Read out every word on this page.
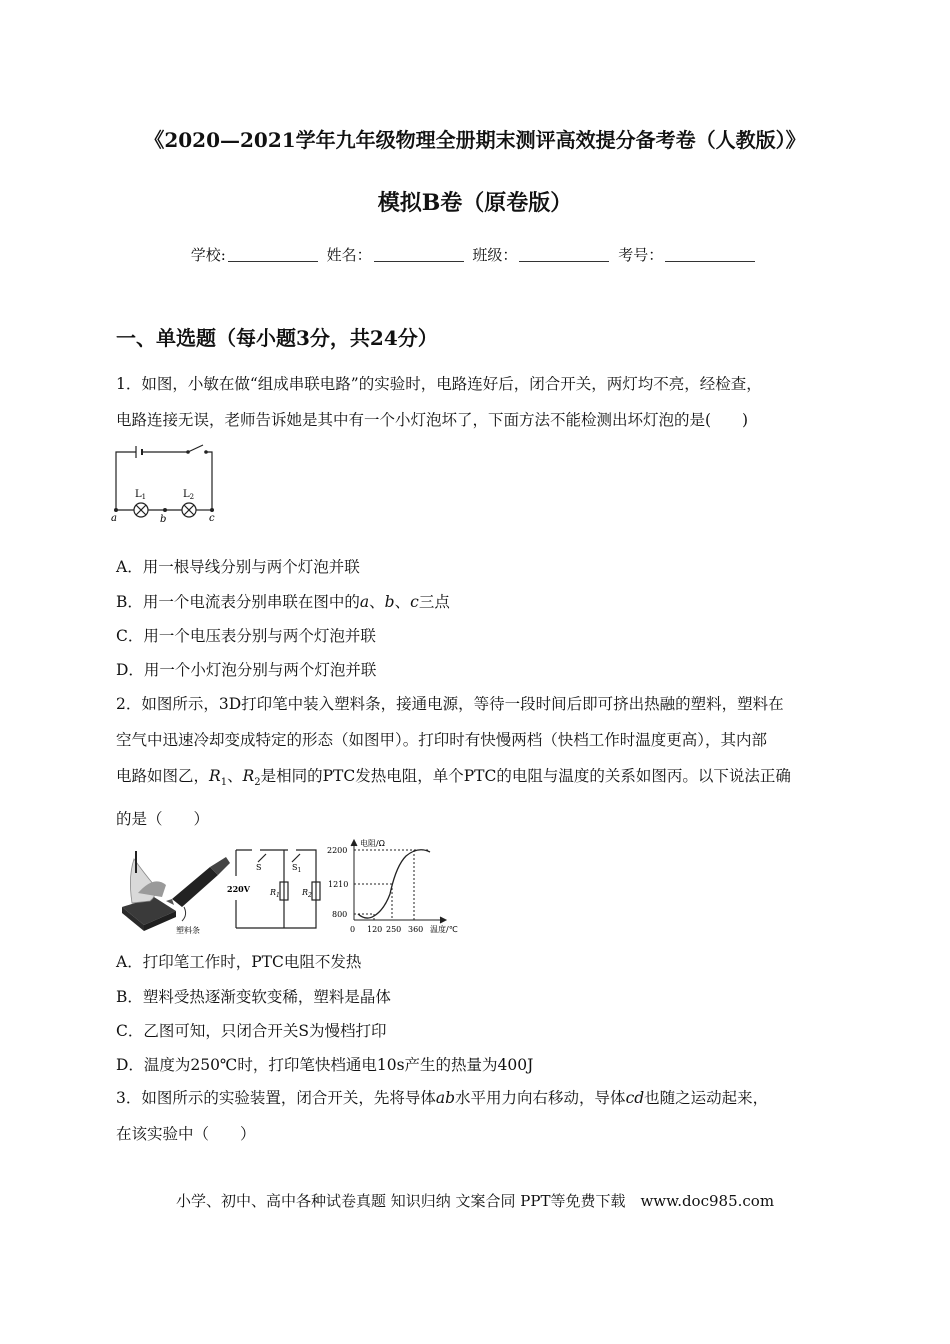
《2020—2021学年九年级物理全册期末测评高效提分备考卷（人教版）》
模拟B卷（原卷版）
学校:	姓名：	班级：	考号：
一、单选题（每小题3分，共24分）
1．如图，小敏在做“组成串联电路”的实验时，电路连好后，闭合开关，两灯均不亮，经检查，
电路连接无误，老师告诉她是其中有一个小灯泡坏了，下面方法不能检测出坏灯泡的是(　　)
$L_1$	$L_2$
a	b	c
A．用一根导线分别与两个灯泡并联
B．用一个电流表分别串联在图中的a、b、c三点
C．用一个电压表分别与两个灯泡并联
D．用一个小灯泡分别与两个灯泡并联
2．如图所示，3D打印笔中装入塑料条，接通电源，等待一段时间后即可挤出热融的塑料，塑料在
空气中迅速冷却变成特定的形态（如图甲）。打印时有快慢两档（快档工作时温度更高），其内部
电路如图乙，$R_1$、$R_2$是相同的PTC发热电阻，单个PTC的电阻与温度的关系如图丙。以下说法正确
的是（　　）
塑料条
S	$S_1$
220V	$R_1$	$R_2$
电阻/Ω
2200
1210
800
0 120 250 360 温度/℃
A．打印笔工作时，PTC电阻不发热
B．塑料受热逐渐变软变稀，塑料是晶体
C．乙图可知，只闭合开关S为慢档打印
D．温度为250℃时，打印笔快档通电10s产生的热量为400J
3．如图所示的实验装置，闭合开关，先将导体ab水平用力向右移动，导体cd也随之运动起来，
在该实验中（　　）
小学、初中、高中各种试卷真题 知识归纳 文案合同 PPT等免费下载　www.doc985.com
